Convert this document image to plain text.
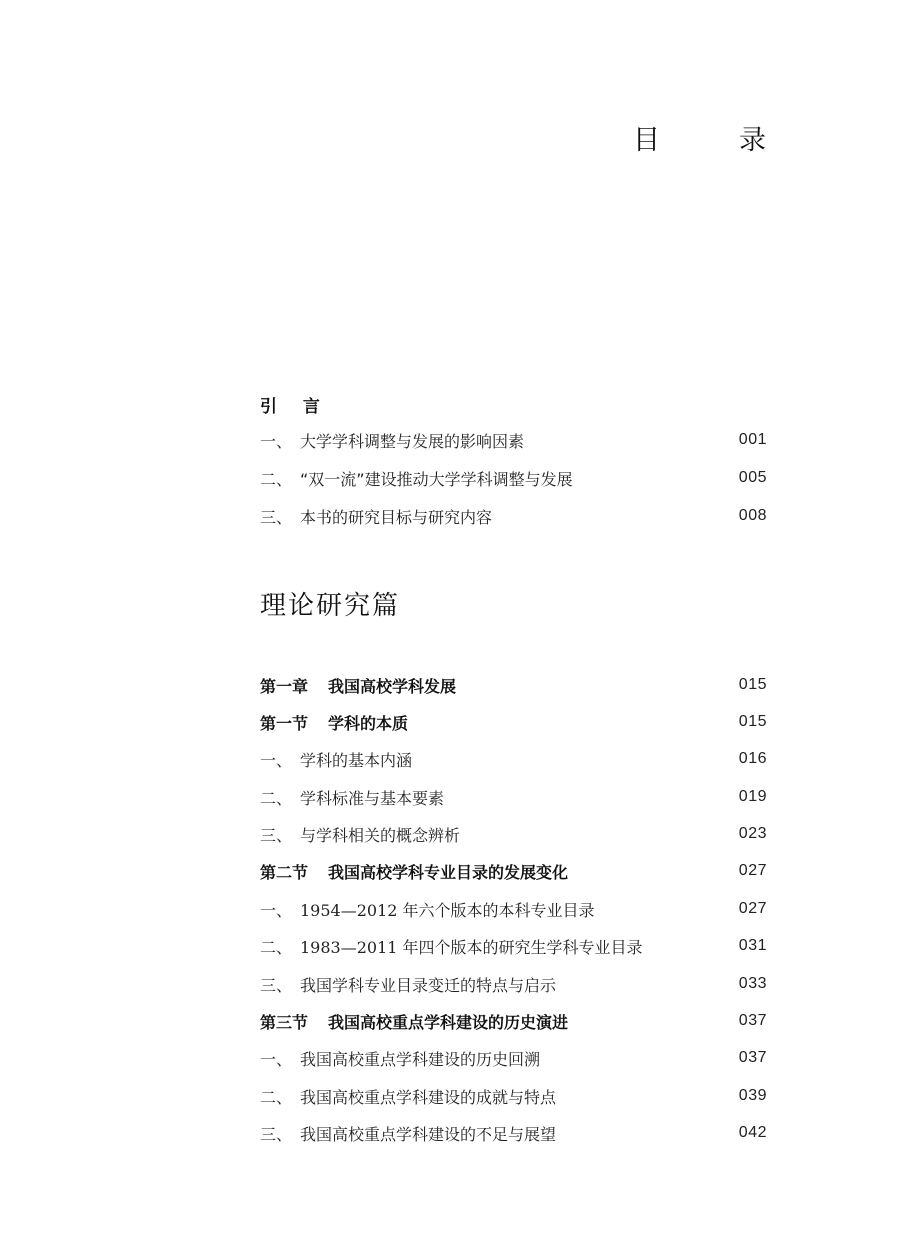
目　录
引 言
一、 大学学科调整与发展的影响因素	001
二、 “双一流”建设推动大学学科调整与发展	005
三、 本书的研究目标与研究内容	008
理论研究篇
第一章	我国高校学科发展	015
第一节	学科的本质	015
一、 学科的基本内涵	016
二、 学科标准与基本要素	019
三、 与学科相关的概念辨析	023
第二节	我国高校学科专业目录的发展变化	027
一、 1954—2012 年六个版本的本科专业目录	027
二、 1983—2011 年四个版本的研究生学科专业目录	031
三、 我国学科专业目录变迁的特点与启示	033
第三节	我国高校重点学科建设的历史演进	037
一、 我国高校重点学科建设的历史回溯	037
二、 我国高校重点学科建设的成就与特点	039
三、 我国高校重点学科建设的不足与展望	042
